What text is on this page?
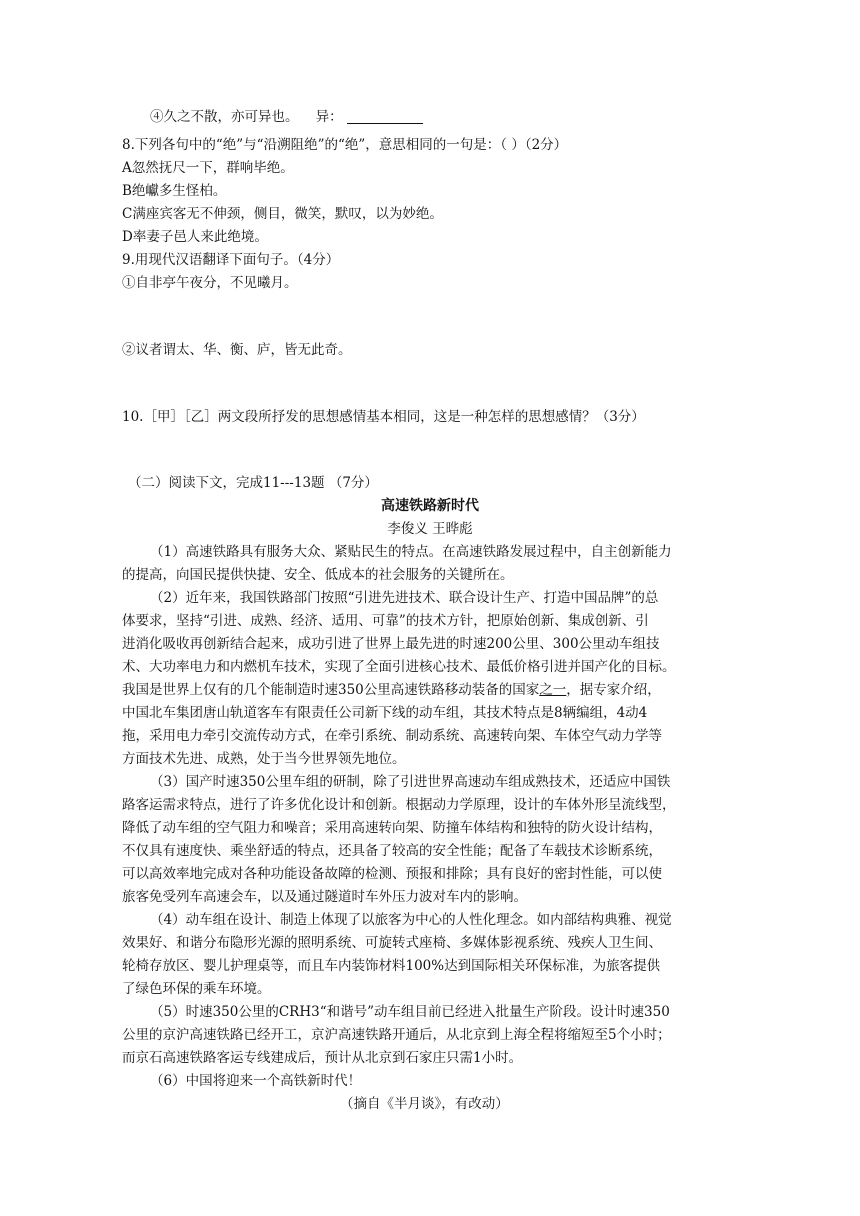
④久之不散，亦可异也。 异：
8.下列各句中的“绝”与“沿溯阻绝”的“绝”，意思相同的一句是：（ ）（2分）
A忽然抚尺一下，群响毕绝。
B绝巘多生怪柏。
C满座宾客无不伸颈，侧目，微笑，默叹，以为妙绝。
D率妻子邑人来此绝境。
9.用现代汉语翻译下面句子。（4分）
①自非亭午夜分，不见曦月。
②议者谓太、华、衡、庐，皆无此奇。
10.［甲］［乙］两文段所抒发的思想感情基本相同，这是一种怎样的思想感情？（3分）
（二）阅读下文，完成11---13题 （7分）
高速铁路新时代
李俊义 王晔彪
（1）高速铁路具有服务大众、紧贴民生的特点。在高速铁路发展过程中，自主创新能力
的提高，向国民提供快捷、安全、低成本的社会服务的关键所在。
（2）近年来，我国铁路部门按照“引进先进技术、联合设计生产、打造中国品牌”的总
体要求，坚持“引进、成熟、经济、适用、可靠”的技术方针，把原始创新、集成创新、引
进消化吸收再创新结合起来，成功引进了世界上最先进的时速200公里、300公里动车组技
术、大功率电力和内燃机车技术，实现了全面引进核心技术、最低价格引进并国产化的目标。
我国是世界上仅有的几个能制造时速350公里高速铁路移动装备的国家之一，据专家介绍，
中国北车集团唐山轨道客车有限责任公司新下线的动车组，其技术特点是8辆编组，4动4
拖，采用电力牵引交流传动方式，在牵引系统、制动系统、高速转向架、车体空气动力学等
方面技术先进、成熟，处于当今世界领先地位。
（3）国产时速350公里车组的研制，除了引进世界高速动车组成熟技术，还适应中国铁
路客运需求特点，进行了许多优化设计和创新。根据动力学原理，设计的车体外形呈流线型，
降低了动车组的空气阻力和噪音；采用高速转向架、防撞车体结构和独特的防火设计结构，
不仅具有速度快、乘坐舒适的特点，还具备了较高的安全性能；配备了车载技术诊断系统，
可以高效率地完成对各种功能设备故障的检测、预报和排除；具有良好的密封性能，可以使
旅客免受列车高速会车，以及通过隧道时车外压力波对车内的影响。
（4）动车组在设计、制造上体现了以旅客为中心的人性化理念。如内部结构典雅、视觉
效果好、和谐分布隐形光源的照明系统、可旋转式座椅、多媒体影视系统、残疾人卫生间、
轮椅存放区、婴儿护理桌等，而且车内装饰材料100%达到国际相关环保标准，为旅客提供
了绿色环保的乘车环境。
（5）时速350公里的CRH3“和谐号”动车组目前已经进入批量生产阶段。设计时速350
公里的京沪高速铁路已经开工，京沪高速铁路开通后，从北京到上海全程将缩短至5个小时；
而京石高速铁路客运专线建成后，预计从北京到石家庄只需1小时。
（6）中国将迎来一个高铁新时代！
（摘自《半月谈》，有改动）
